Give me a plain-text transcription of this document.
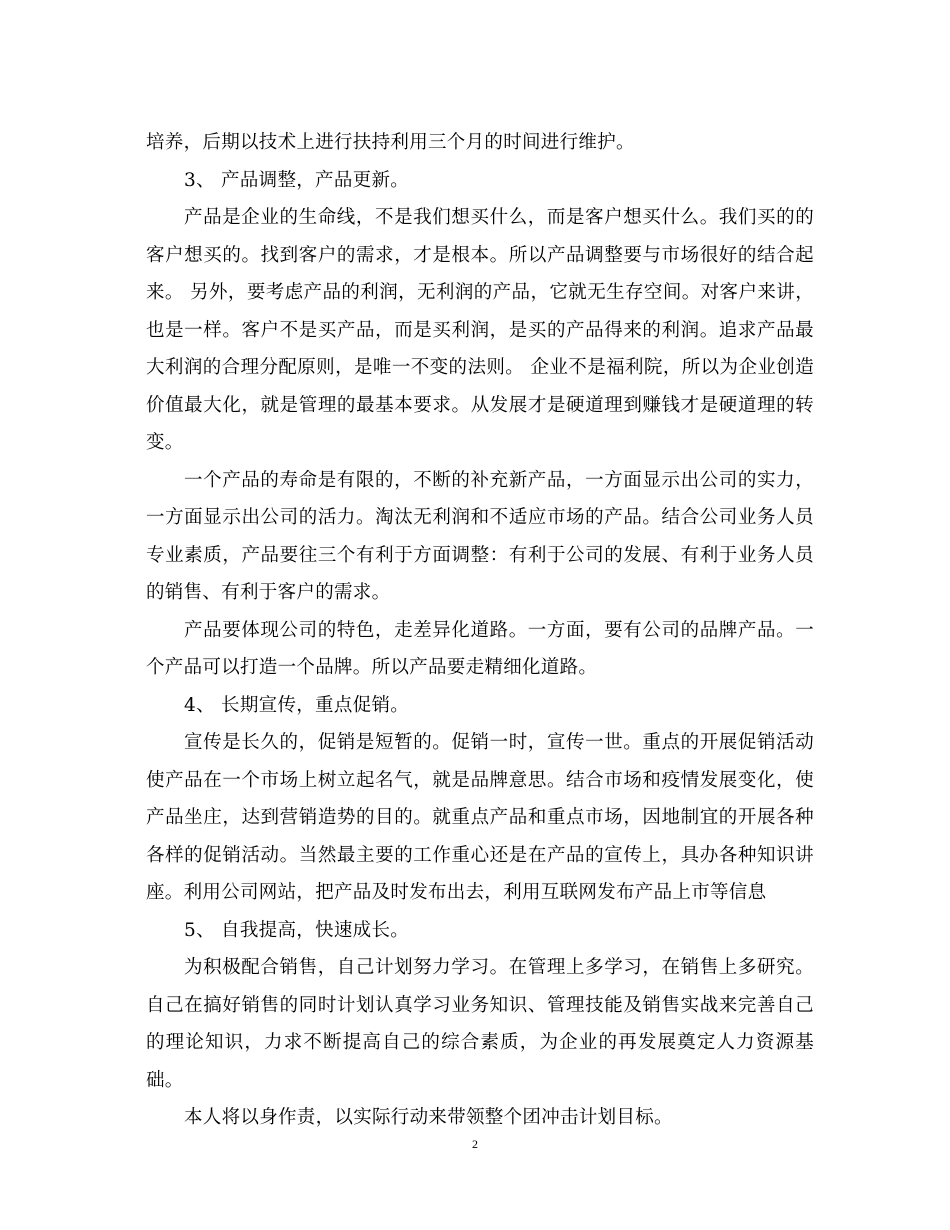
培养，后期以技术上进行扶持利用三个月的时间进行维护。

3、 产品调整，产品更新。

产品是企业的生命线，不是我们想买什么，而是客户想买什么。我们买的的客户想买的。找到客户的需求，才是根本。所以产品调整要与市场很好的结合起来。 另外，要考虑产品的利润，无利润的产品，它就无生存空间。对客户来讲，也是一样。客户不是买产品，而是买利润，是买的产品得来的利润。追求产品最大利润的合理分配原则，是唯一不变的法则。 企业不是福利院，所以为企业创造价值最大化，就是管理的最基本要求。从发展才是硬道理到赚钱才是硬道理的转变。

一个产品的寿命是有限的，不断的补充新产品，一方面显示出公司的实力，一方面显示出公司的活力。淘汰无利润和不适应市场的产品。结合公司业务人员专业素质，产品要往三个有利于方面调整：有利于公司的发展、有利于业务人员的销售、有利于客户的需求。

产品要体现公司的特色，走差异化道路。一方面，要有公司的品牌产品。一个产品可以打造一个品牌。所以产品要走精细化道路。

4、 长期宣传，重点促销。

宣传是长久的，促销是短暂的。促销一时，宣传一世。重点的开展促销活动使产品在一个市场上树立起名气，就是品牌意思。结合市场和疫情发展变化，使产品坐庄，达到营销造势的目的。就重点产品和重点市场，因地制宜的开展各种各样的促销活动。当然最主要的工作重心还是在产品的宣传上，具办各种知识讲座。利用公司网站，把产品及时发布出去，利用互联网发布产品上市等信息

5、 自我提高，快速成长。

为积极配合销售，自己计划努力学习。在管理上多学习，在销售上多研究。自己在搞好销售的同时计划认真学习业务知识、管理技能及销售实战来完善自己的理论知识，力求不断提高自己的综合素质，为企业的再发展奠定人力资源基础。

本人将以身作责，以实际行动来带领整个团冲击计划目标。

2
